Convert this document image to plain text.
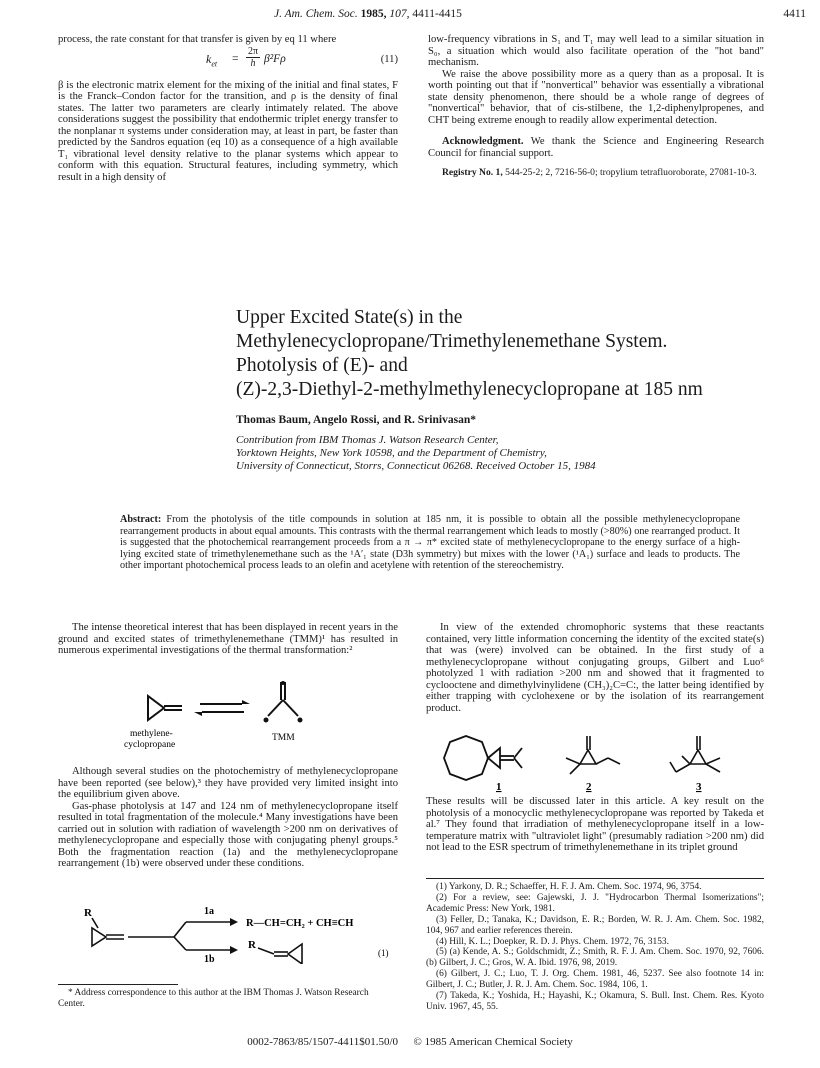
J. Am. Chem. Soc. 1985, 107, 4411-4415	4411

process, the rate constant for that transfer is given by eq 11 where

$k_{et}$ =
2π
h β²Fρ	(11)

β is the electronic matrix element for the mixing of the initial and final states, F is the Franck–Condon factor for the transition, and ρ is the density of final states. The latter two parameters are clearly intimately related. The above considerations suggest the possibility that endothermic triplet energy transfer to the nonplanar π systems under consideration may, at least in part, be faster than predicted by the Sandros equation (eq 10) as a consequence of a high available T₁ vibrational level density relative to the planar systems which appear to conform with this equation. Structural features, including symmetry, which result in a high density of

low-frequency vibrations in S₁ and T₁ may well lead to a similar situation in S₀, a situation which would also facilitate operation of the "hot band" mechanism.

We raise the above possibility more as a query than as a proposal. It is worth pointing out that if "nonvertical" behavior was essentially a vibrational state density phenomenon, there should be a whole range of degrees of "nonvertical" behavior, that of cis-stilbene, the 1,2-diphenylpropenes, and CHT being extreme enough to readily allow experimental detection.

Acknowledgment. We thank the Science and Engineering Research Council for financial support.

Registry No. 1, 544-25-2; 2, 7216-56-0; tropylium tetrafluoroborate, 27081-10-3.

Upper Excited State(s) in the
Methylenecyclopropane/Trimethylenemethane System.
Photolysis of (E)- and
(Z)-2,3-Diethyl-2-methylmethylenecyclopropane at 185 nm
Thomas Baum, Angelo Rossi, and R. Srinivasan*
Contribution from IBM Thomas J. Watson Research Center,
Yorktown Heights, New York 10598, and the Department of Chemistry,
University of Connecticut, Storrs, Connecticut 06268. Received October 15, 1984
Abstract: From the photolysis of the title compounds in solution at 185 nm, it is possible to obtain all the possible methylenecyclopropane rearrangement products in about equal amounts. This contrasts with the thermal rearrangement which leads to mostly (>80%) one rearranged product. It is suggested that the photochemical rearrangement proceeds from a π → π* excited state of methylenecyclopropane to the energy surface of a high-lying excited state of trimethylenemethane such as the ¹A′₁ state (D3h symmetry) but mixes with the lower (¹A₁) surface and leads to products. The other important photochemical process leads to an olefin and acetylene with retention of the stereochemistry.

The intense theoretical interest that has been displayed in recent years in the ground and excited states of trimethylenemethane (TMM)¹ has resulted in numerous experimental investigations of the thermal transformation:²

methylene-
cyclopropane
TMM

Although several studies on the photochemistry of methylenecyclopropane have been reported (see below),³ they have provided very limited insight into the equilibrium given above.

Gas-phase photolysis at 147 and 124 nm of methylenecyclopropane itself resulted in total fragmentation of the molecule.⁴ Many investigations have been carried out in solution with radiation of wavelength >200 nm on derivatives of methylenecyclopropane and especially those with conjugating phenyl groups.⁵ Both the fragmentation reaction (1a) and the methylenecyclopropane rearrangement (1b) were observed under these conditions.

R	1a
1b
R—CH=CH₂ + CH≡CH
R
(1)
* Address correspondence to this author at the IBM Thomas J. Watson Research Center.

In view of the extended chromophoric systems that these reactants contained, very little information concerning the identity of the excited state(s) that was (were) involved can be obtained. In the first study of a methylenecyclopropane without conjugating groups, Gilbert and Luo⁶ photolyzed 1 with radiation >200 nm and showed that it fragmented to cyclooctene and dimethylvinylidene (CH₃)₂C=C:, the latter being identified by either trapping with cyclohexene or by the isolation of its rearrangement product.

1	2	3

These results will be discussed later in this article. A key result on the photolysis of a monocyclic methylenecyclopropane was reported by Takeda et al.⁷ They found that irradiation of methylenecyclopropane itself in a low-temperature matrix with "ultraviolet light" (presumably radiation >200 nm) did not lead to the ESR spectrum of trimethylenemethane in its triplet ground

(1) Yarkony, D. R.; Schaeffer, H. F. J. Am. Chem. Soc. 1974, 96, 3754.
(2) For a review, see: Gajewski, J. J. "Hydrocarbon Thermal Isomerizations"; Academic Press: New York, 1981.
(3) Feller, D.; Tanaka, K.; Davidson, E. R.; Borden, W. R. J. Am. Chem. Soc. 1982, 104, 967 and earlier references therein.
(4) Hill, K. L.; Doepker, R. D. J. Phys. Chem. 1972, 76, 3153.
(5) (a) Kende, A. S.; Goldschmidt, Z.; Smith, R. F. J. Am. Chem. Soc. 1970, 92, 7606. (b) Gilbert, J. C.; Gros, W. A. Ibid. 1976, 98, 2019.
(6) Gilbert, J. C.; Luo, T. J. Org. Chem. 1981, 46, 5237. See also footnote 14 in: Gilbert, J. C.; Butler, J. R. J. Am. Chem. Soc. 1984, 106, 1.
(7) Takeda, K.; Yoshida, H.; Hayashi, K.; Okamura, S. Bull. Inst. Chem. Res. Kyoto Univ. 1967, 45, 55.
0002-7863/85/1507-4411$01.50/0 © 1985 American Chemical Society
